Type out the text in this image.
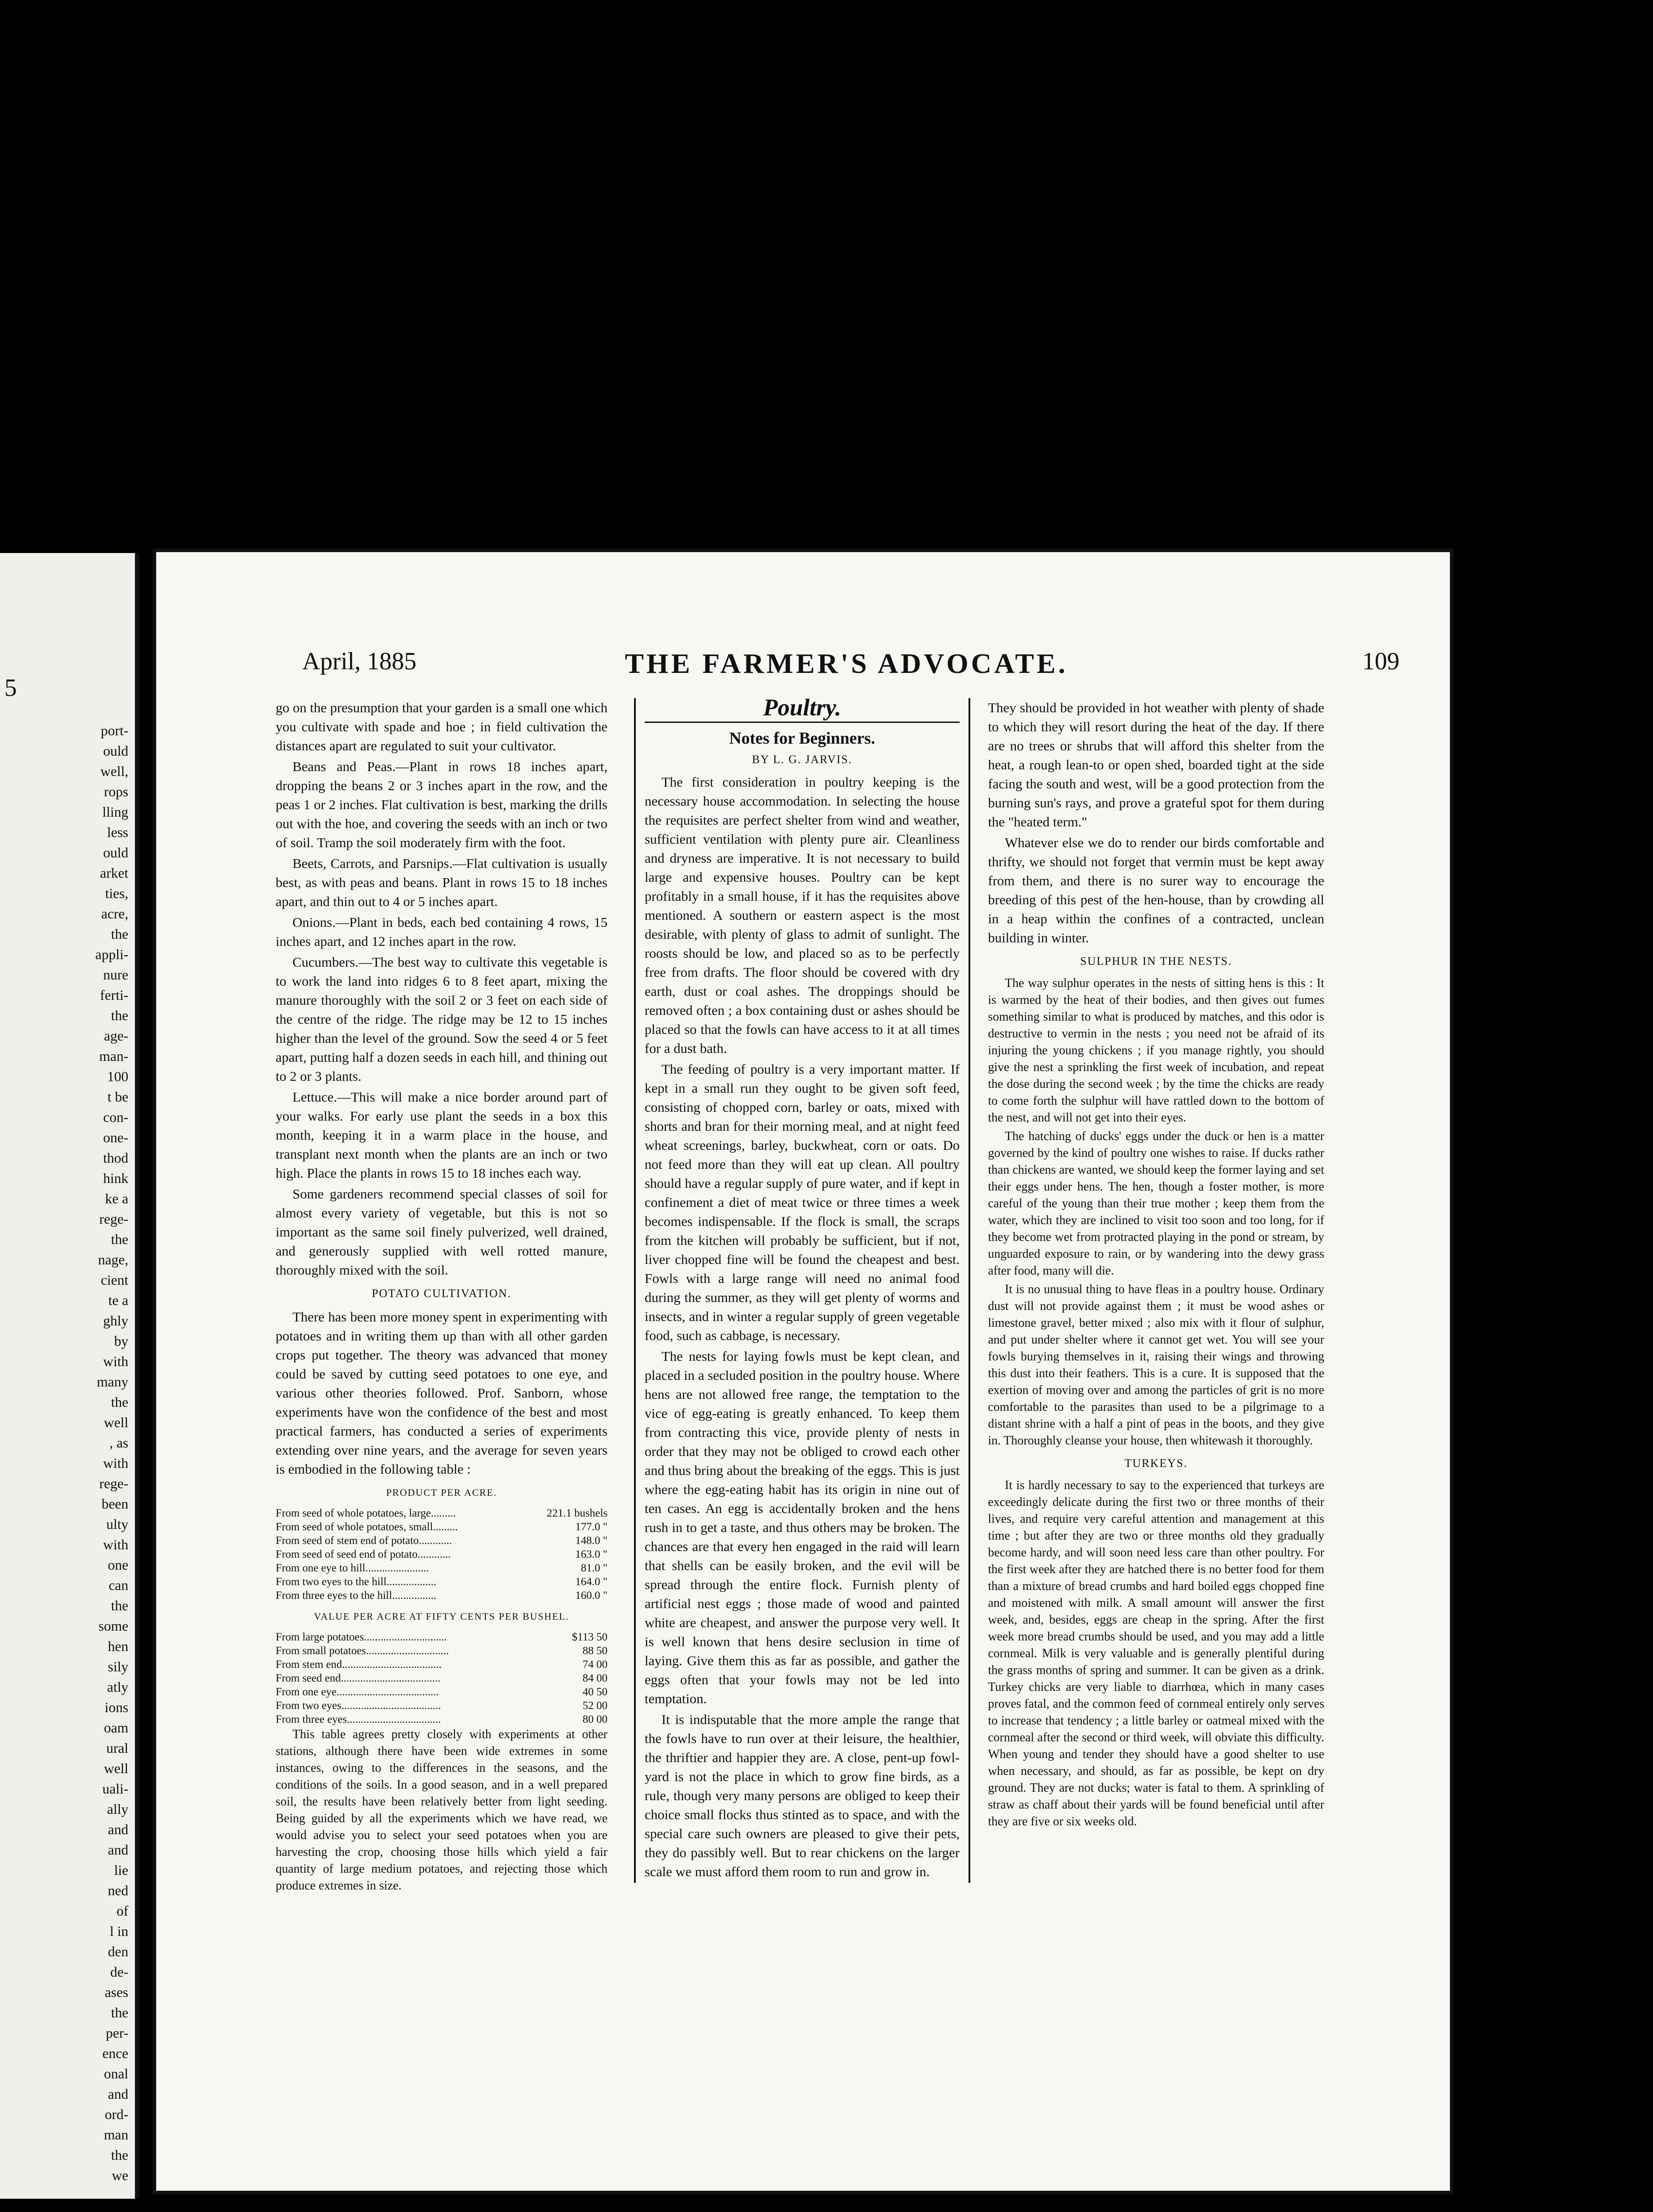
5
port-
ould
well,
rops
lling
less
ould
arket
ties,
acre,
the
appli-
nure
ferti-
the
age-
man-
100
t be
con-
one-
thod
hink
ke a
rege-
the
nage,
cient
te a
ghly
by
with
many
the
well
, as
with
rege-
been
ulty
with
one
can
the
some
hen
sily
atly
ions
oam
ural
well
uali-
ally
and
and
lie
ned
of
l in
den
de-
ases
the
per-
ence
onal
and
ord-
man
the
we
April, 1885	THE FARMER'S ADVOCATE.	109

go on the presumption that your garden is a small one which you cultivate with spade and hoe ; in field cultivation the distances apart are regulated to suit your cultivator.

Beans and Peas.—Plant in rows 18 inches apart, dropping the beans 2 or 3 inches apart in the row, and the peas 1 or 2 inches. Flat cultivation is best, marking the drills out with the hoe, and covering the seeds with an inch or two of soil. Tramp the soil moderately firm with the foot.

Beets, Carrots, and Parsnips.—Flat cultivation is usually best, as with peas and beans. Plant in rows 15 to 18 inches apart, and thin out to 4 or 5 inches apart.

Onions.—Plant in beds, each bed containing 4 rows, 15 inches apart, and 12 inches apart in the row.

Cucumbers.—The best way to cultivate this vegetable is to work the land into ridges 6 to 8 feet apart, mixing the manure thoroughly with the soil 2 or 3 feet on each side of the centre of the ridge. The ridge may be 12 to 15 inches higher than the level of the ground. Sow the seed 4 or 5 feet apart, putting half a dozen seeds in each hill, and thining out to 2 or 3 plants.

Lettuce.—This will make a nice border around part of your walks. For early use plant the seeds in a box this month, keeping it in a warm place in the house, and transplant next month when the plants are an inch or two high. Place the plants in rows 15 to 18 inches each way.

Some gardeners recommend special classes of soil for almost every variety of vegetable, but this is not so important as the same soil finely pulverized, well drained, and generously supplied with well rotted manure, thoroughly mixed with the soil.

POTATO CULTIVATION.

There has been more money spent in experimenting with potatoes and in writing them up than with all other garden crops put together. The theory was advanced that money could be saved by cutting seed potatoes to one eye, and various other theories followed. Prof. Sanborn, whose experiments have won the confidence of the best and most practical farmers, has conducted a series of experiments extending over nine years, and the average for seven years is embodied in the following table :

PRODUCT PER ACRE.
From seed of whole potatoes, large.........	221.1 bushels
From seed of whole potatoes, small.........	177.0 "
From seed of stem end of potato............	148.0 "
From seed of seed end of potato............	163.0 "
From one eye to hill.......................	81.0 "
From two eyes to the hill..................	164.0 "
From three eyes to the hill................	160.0 "
VALUE PER ACRE AT FIFTY CENTS PER BUSHEL.
From large potatoes..............................	$113 50
From small potatoes..............................	88 50
From stem end....................................	74 00
From seed end....................................	84 00
From one eye.....................................	40 50
From two eyes....................................	52 00
From three eyes..................................	80 00

This table agrees pretty closely with experiments at other stations, although there have been wide extremes in some instances, owing to the differences in the seasons, and the conditions of the soils. In a good season, and in a well prepared soil, the results have been relatively better from light seeding. Being guided by all the experiments which we have read, we would advise you to select your seed potatoes when you are harvesting the crop, choosing those hills which yield a fair quantity of large medium potatoes, and rejecting those which produce extremes in size.

Poultry.
Notes for Beginners.
BY L. G. JARVIS.

The first consideration in poultry keeping is the necessary house accommodation. In selecting the house the requisites are perfect shelter from wind and weather, sufficient ventilation with plenty pure air. Cleanliness and dryness are imperative. It is not necessary to build large and expensive houses. Poultry can be kept profitably in a small house, if it has the requisites above mentioned. A southern or eastern aspect is the most desirable, with plenty of glass to admit of sunlight. The roosts should be low, and placed so as to be perfectly free from drafts. The floor should be covered with dry earth, dust or coal ashes. The droppings should be removed often ; a box containing dust or ashes should be placed so that the fowls can have access to it at all times for a dust bath.

The feeding of poultry is a very important matter. If kept in a small run they ought to be given soft feed, consisting of chopped corn, barley or oats, mixed with shorts and bran for their morning meal, and at night feed wheat screenings, barley, buckwheat, corn or oats. Do not feed more than they will eat up clean. All poultry should have a regular supply of pure water, and if kept in confinement a diet of meat twice or three times a week becomes indispensable. If the flock is small, the scraps from the kitchen will probably be sufficient, but if not, liver chopped fine will be found the cheapest and best. Fowls with a large range will need no animal food during the summer, as they will get plenty of worms and insects, and in winter a regular supply of green vegetable food, such as cabbage, is necessary.

The nests for laying fowls must be kept clean, and placed in a secluded position in the poultry house. Where hens are not allowed free range, the temptation to the vice of egg-eating is greatly enhanced. To keep them from contracting this vice, provide plenty of nests in order that they may not be obliged to crowd each other and thus bring about the breaking of the eggs. This is just where the egg-eating habit has its origin in nine out of ten cases. An egg is accidentally broken and the hens rush in to get a taste, and thus others may be broken. The chances are that every hen engaged in the raid will learn that shells can be easily broken, and the evil will be spread through the entire flock. Furnish plenty of artificial nest eggs ; those made of wood and painted white are cheapest, and answer the purpose very well. It is well known that hens desire seclusion in time of laying. Give them this as far as possible, and gather the eggs often that your fowls may not be led into temptation.

It is indisputable that the more ample the range that the fowls have to run over at their leisure, the healthier, the thriftier and happier they are. A close, pent-up fowl-yard is not the place in which to grow fine birds, as a rule, though very many persons are obliged to keep their choice small flocks thus stinted as to space, and with the special care such owners are pleased to give their pets, they do passibly well. But to rear chickens on the larger scale we must afford them room to run and grow in.

They should be provided in hot weather with plenty of shade to which they will resort during the heat of the day. If there are no trees or shrubs that will afford this shelter from the heat, a rough lean-to or open shed, boarded tight at the side facing the south and west, will be a good protection from the burning sun's rays, and prove a grateful spot for them during the "heated term."

Whatever else we do to render our birds comfortable and thrifty, we should not forget that vermin must be kept away from them, and there is no surer way to encourage the breeding of this pest of the hen-house, than by crowding all in a heap within the confines of a contracted, unclean building in winter.

SULPHUR IN THE NESTS.

The way sulphur operates in the nests of sitting hens is this : It is warmed by the heat of their bodies, and then gives out fumes something similar to what is produced by matches, and this odor is destructive to vermin in the nests ; you need not be afraid of its injuring the young chickens ; if you manage rightly, you should give the nest a sprinkling the first week of incubation, and repeat the dose during the second week ; by the time the chicks are ready to come forth the sulphur will have rattled down to the bottom of the nest, and will not get into their eyes.

The hatching of ducks' eggs under the duck or hen is a matter governed by the kind of poultry one wishes to raise. If ducks rather than chickens are wanted, we should keep the former laying and set their eggs under hens. The hen, though a foster mother, is more careful of the young than their true mother ; keep them from the water, which they are inclined to visit too soon and too long, for if they become wet from protracted playing in the pond or stream, by unguarded exposure to rain, or by wandering into the dewy grass after food, many will die.

It is no unusual thing to have fleas in a poultry house. Ordinary dust will not provide against them ; it must be wood ashes or limestone gravel, better mixed ; also mix with it flour of sulphur, and put under shelter where it cannot get wet. You will see your fowls burying themselves in it, raising their wings and throwing this dust into their feathers. This is a cure. It is supposed that the exertion of moving over and among the particles of grit is no more comfortable to the parasites than used to be a pilgrimage to a distant shrine with a half a pint of peas in the boots, and they give in. Thoroughly cleanse your house, then whitewash it thoroughly.

TURKEYS.

It is hardly necessary to say to the experienced that turkeys are exceedingly delicate during the first two or three months of their lives, and require very careful attention and management at this time ; but after they are two or three months old they gradually become hardy, and will soon need less care than other poultry. For the first week after they are hatched there is no better food for them than a mixture of bread crumbs and hard boiled eggs chopped fine and moistened with milk. A small amount will answer the first week, and, besides, eggs are cheap in the spring. After the first week more bread crumbs should be used, and you may add a little cornmeal. Milk is very valuable and is generally plentiful during the grass months of spring and summer. It can be given as a drink. Turkey chicks are very liable to diarrhœa, which in many cases proves fatal, and the common feed of cornmeal entirely only serves to increase that tendency ; a little barley or oatmeal mixed with the cornmeal after the second or third week, will obviate this difficulty. When young and tender they should have a good shelter to use when necessary, and should, as far as possible, be kept on dry ground. They are not ducks; water is fatal to them. A sprinkling of straw as chaff about their yards will be found beneficial until after they are five or six weeks old.
